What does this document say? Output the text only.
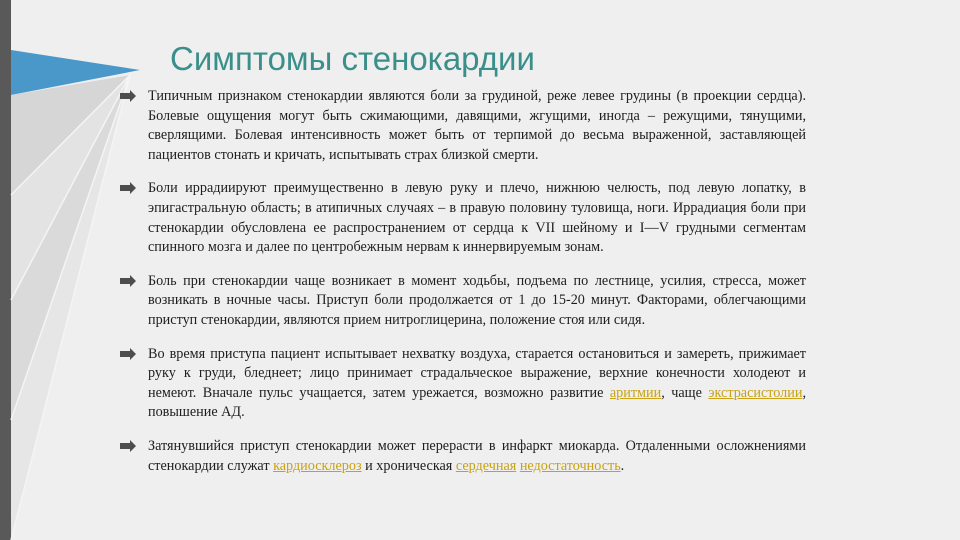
Симптомы стенокардии

Типичным признаком стенокардии являются боли за грудиной, реже левее грудины (в проекции сердца). Болевые ощущения могут быть сжимающими, давящими, жгущими, иногда – режущими, тянущими, сверлящими. Болевая интенсивность может быть от терпимой до весьма выраженной, заставляющей пациентов стонать и кричать, испытывать страх близкой смерти.

Боли иррадиируют преимущественно в левую руку и плечо, нижнюю челюсть, под левую лопатку, в эпигастральную область; в атипичных случаях – в правую половину туловища, ноги. Иррадиация боли при стенокардии обусловлена ее распространением от сердца к VII шейному и I—V грудными сегментам спинного мозга и далее по центробежным нервам к иннервируемым зонам.

Боль при стенокардии чаще возникает в момент ходьбы, подъема по лестнице, усилия, стресса, может возникать в ночные часы. Приступ боли продолжается от 1 до 15-20 минут. Факторами, облегчающими приступ стенокардии, являются прием нитроглицерина, положение стоя или сидя.

Во время приступа пациент испытывает нехватку воздуха, старается остановиться и замереть, прижимает руку к груди, бледнеет; лицо принимает страдальческое выражение, верхние конечности холодеют и немеют. Вначале пульс учащается, затем урежается, возможно развитие аритмии, чаще экстрасистолии, повышение АД.

Затянувшийся приступ стенокардии может перерасти в инфаркт миокарда. Отдаленными осложнениями стенокардии служат кардиосклероз и хроническая сердечная недостаточность.
